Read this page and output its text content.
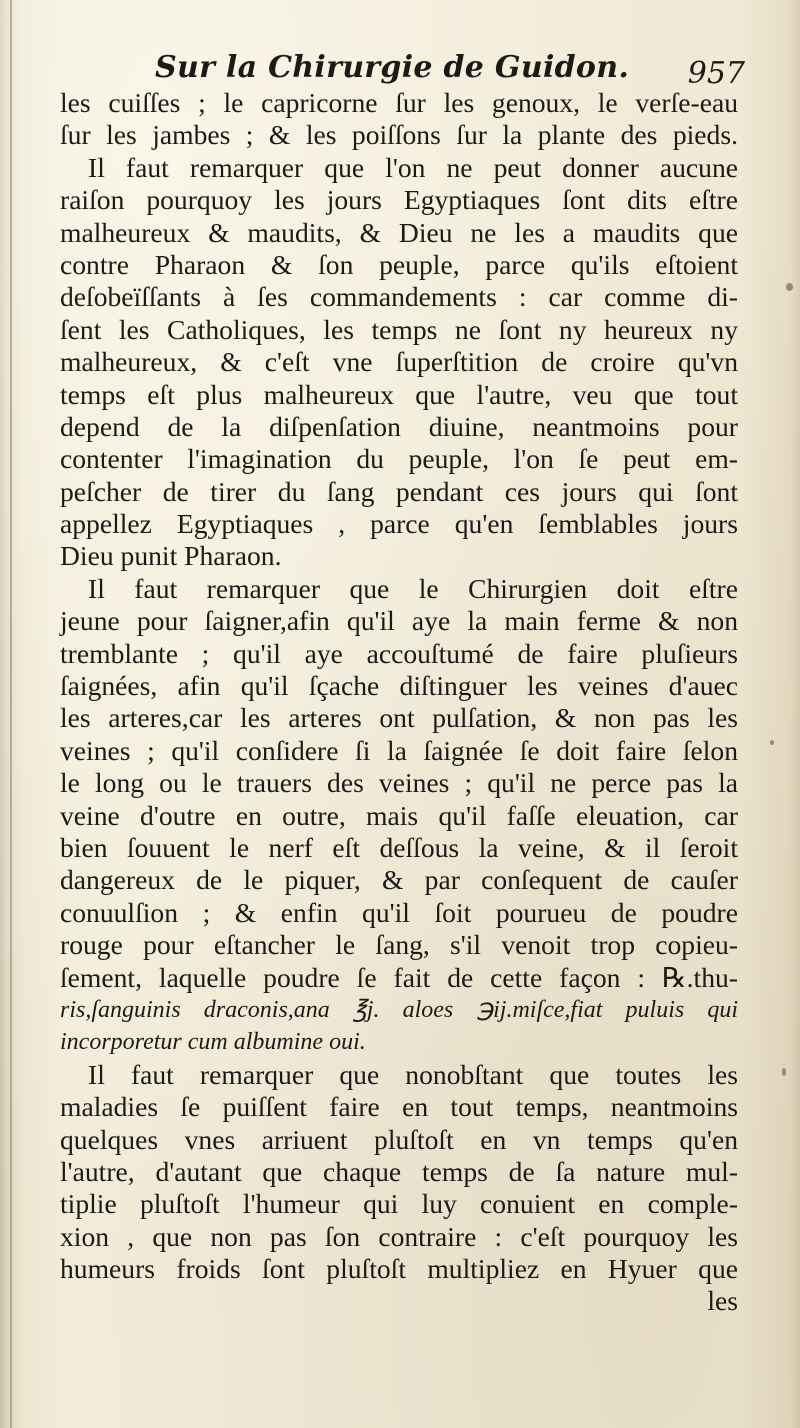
Sur la Chirurgie de Guidon. 957
les cuiſſes ; le capricorne ſur les genoux, le verſe-eau
ſur les jambes ; & les poiſſons ſur la plante des pieds.
Il faut remarquer que l'on ne peut donner aucune
raiſon pourquoy les jours Egyptiaques ſont dits eſtre
malheureux & maudits, & Dieu ne les a maudits que
contre Pharaon & ſon peuple, parce qu'ils eſtoient
deſobeïſſants à ſes commandements : car comme di-
ſent les Catholiques, les temps ne ſont ny heureux ny
malheureux, & c'eſt vne ſuperſtition de croire qu'vn
temps eſt plus malheureux que l'autre, veu que tout
depend de la diſpenſation diuine, neantmoins pour
contenter l'imagination du peuple, l'on ſe peut em-
peſcher de tirer du ſang pendant ces jours qui ſont
appellez Egyptiaques , parce qu'en ſemblables jours
Dieu punit Pharaon.
Il faut remarquer que le Chirurgien doit eſtre
jeune pour ſaigner,afin qu'il aye la main ferme & non
tremblante ; qu'il aye accouſtumé de faire pluſieurs
ſaignées, afin qu'il ſçache diſtinguer les veines d'auec
les arteres,car les arteres ont pulſation, & non pas les
veines ; qu'il conſidere ſi la ſaignée ſe doit faire ſelon
le long ou le trauers des veines ; qu'il ne perce pas la
veine d'outre en outre, mais qu'il faſſe eleuation, car
bien ſouuent le nerf eſt deſſous la veine, & il ſeroit
dangereux de le piquer, & par conſequent de cauſer
conuulſion ; & enfin qu'il ſoit pourueu de poudre
rouge pour eſtancher le ſang, s'il venoit trop copieu-
ſement, laquelle poudre ſe fait de cette façon : ℞.thu-
ris,ſanguinis draconis,ana ℥j. aloes ℈ij.miſce,fiat puluis qui
incorporetur cum albumine oui.
Il faut remarquer que nonobſtant que toutes les
maladies ſe puiſſent faire en tout temps, neantmoins
quelques vnes arriuent pluſtoſt en vn temps qu'en
l'autre, d'autant que chaque temps de ſa nature mul-
tiplie pluſtoſt l'humeur qui luy conuient en comple-
xion , que non pas ſon contraire : c'eſt pourquoy les
humeurs froids ſont pluſtoſt multipliez en Hyuer que
les
